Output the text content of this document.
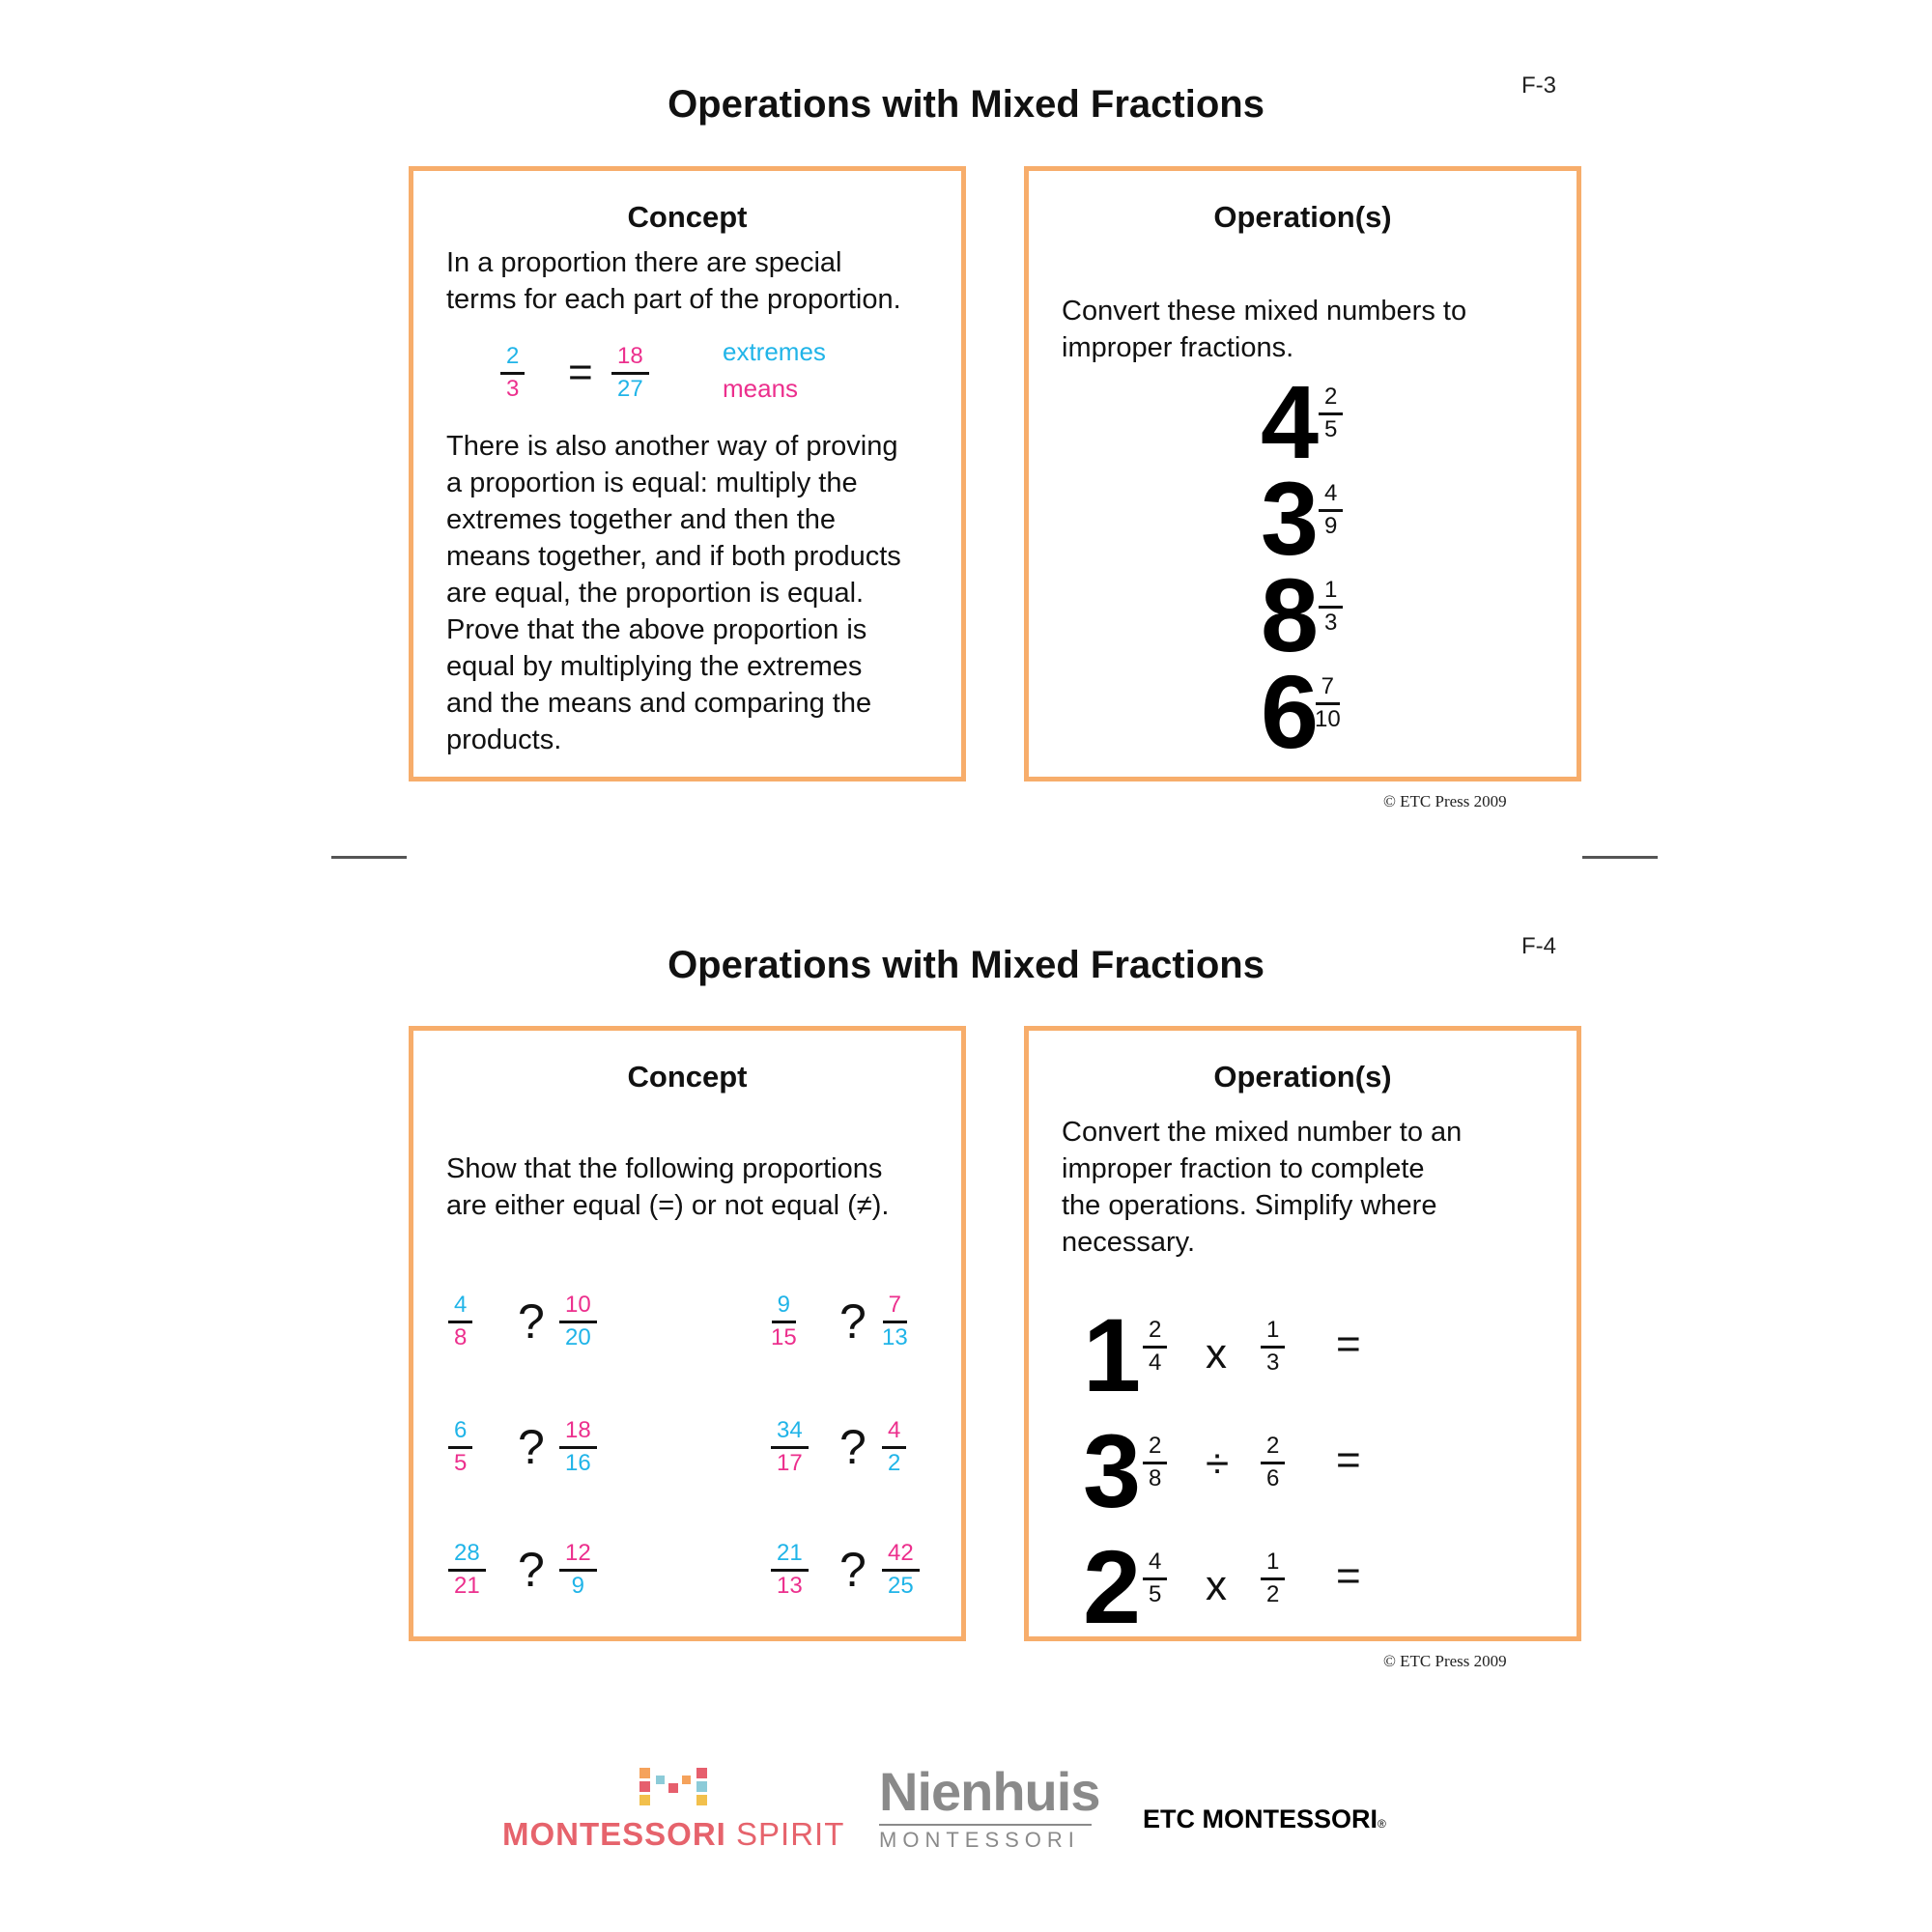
Operations with Mixed Fractions	F-3
Concept
In a proportion there are special
terms for each part of the proportion.
$\frac{2}{3} = \frac{18}{27}$	extremes
means
There is also another way of proving
a proportion is equal: multiply the
extremes together and then the
means together, and if both products
are equal, the proportion is equal.
Prove that the above proportion is
equal by multiplying the extremes
and the means and comparing the
products.
Operation(s)
Convert these mixed numbers to
improper fractions.
$4 \frac{2}{5}$
$3 \frac{4}{9}$
$8 \frac{1}{3}$
6
$\frac{7}{10}$
© ETC Press 2009
Operations with Mixed Fractions	F-4
Concept
Show that the following proportions
are either equal (=) or not equal (≠).
$\frac{4}{8}$ ? $\frac{10}{20}$	$\frac{9}{15}$ ? $\frac{7}{13}$
$\frac{6}{5}$ ? $\frac{18}{16}$	$\frac{34}{17}$ ? $\frac{4}{2}$
$\frac{28}{21}$ ? $\frac{12}{9}$	$\frac{21}{13}$ ? $\frac{42}{25}$
Operation(s)
Convert the mixed number to an
improper fraction to complete
the operations. Simplify where
necessary.
$1 \frac{2}{4}$ x $\frac{1}{3}$ =
$3 \frac{2}{8} \div \frac{2}{6}$ =
$2 \frac{4}{5}$ x $\frac{1}{2}$ =
© ETC Press 2009
MONTESSORI SPIRIT
Nienhuis
MONTESSORI
ETC MONTESSORI®
